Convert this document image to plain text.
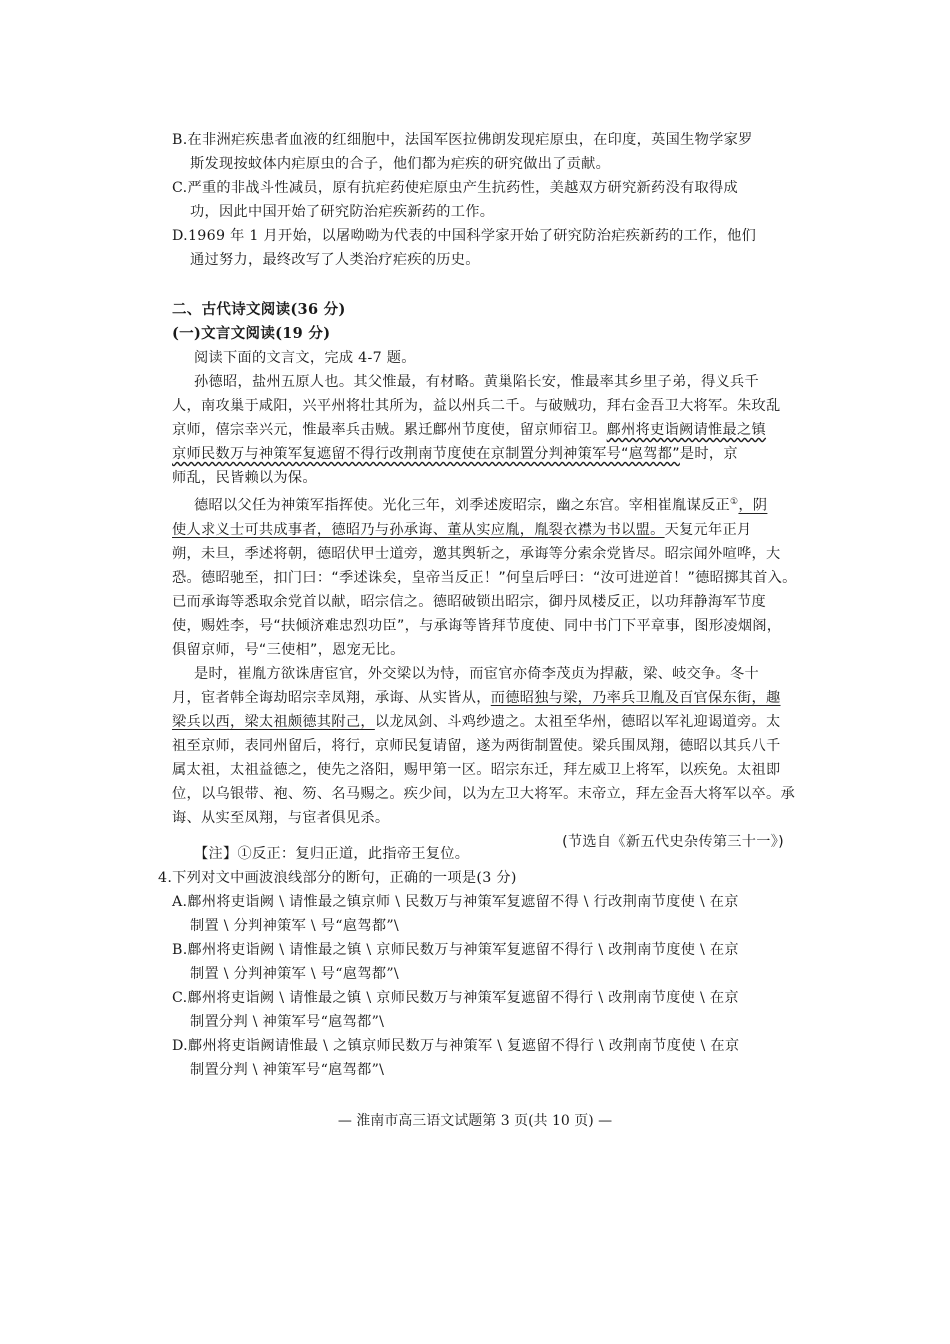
B.在非洲疟疾患者血液的红细胞中，法国军医拉佛朗发现疟原虫，在印度，英国生物学家罗
斯发现按蚊体内疟原虫的合子，他们都为疟疾的研究做出了贡献。
C.严重的非战斗性减员，原有抗疟药使疟原虫产生抗药性，美越双方研究新药没有取得成
功，因此中国开始了研究防治疟疾新药的工作。
D.1969 年 1 月开始，以屠呦呦为代表的中国科学家开始了研究防治疟疾新药的工作，他们
通过努力，最终改写了人类治疗疟疾的历史。
二、古代诗文阅读(36 分)
(一)文言文阅读(19 分)
阅读下面的文言文，完成 4-7 题。
孙德昭，盐州五原人也。其父惟最，有材略。黄巢陷长安，惟最率其乡里子弟，得义兵千
人，南攻巢于咸阳，兴平州将壮其所为，益以州兵二千。与破贼功，拜右金吾卫大将军。朱玫乱
京师，僖宗幸兴元，惟最率兵击贼。累迁鄜州节度使，留京师宿卫。鄜州将吏诣阙请惟最之镇
京师民数万与神策军复遮留不得行改荆南节度使在京制置分判神策军号“扈驾都”是时，京
师乱，民皆赖以为保。
德昭以父任为神策军指挥使。光化三年，刘季述废昭宗，幽之东宫。宰相崔胤谋反正①，阴
使人求义士可共成事者，德昭乃与孙承诲、董从实应胤，胤裂衣襟为书以盟。天复元年正月
朔，未旦，季述将朝，德昭伏甲士道旁，邀其舆斩之，承诲等分索余党皆尽。昭宗闻外喧哗，大
恐。德昭驰至，扣门曰：“季述诛矣，皇帝当反正！”何皇后呼曰：“汝可进逆首！”德昭掷其首入。
已而承诲等悉取余党首以献，昭宗信之。德昭破锁出昭宗，御丹凤楼反正，以功拜静海军节度
使，赐姓李，号“扶倾济难忠烈功臣”，与承诲等皆拜节度使、同中书门下平章事，图形凌烟阁，
俱留京师，号“三使相”，恩宠无比。
是时，崔胤方欲诛唐宦官，外交梁以为恃，而宦官亦倚李茂贞为捍蔽，梁、岐交争。冬十
月，宦者韩全诲劫昭宗幸凤翔，承诲、从实皆从，而德昭独与梁，乃率兵卫胤及百官保东街，趣
梁兵以西，梁太祖颇德其附己，以龙凤剑、斗鸡纱遗之。太祖至华州，德昭以军礼迎谒道旁。太
祖至京师，表同州留后，将行，京师民复请留，遂为两街制置使。梁兵围凤翔，德昭以其兵八千
属太祖，太祖益德之，使先之洛阳，赐甲第一区。昭宗东迁，拜左威卫上将军，以疾免。太祖即
位，以乌银带、袍、笏、名马赐之。疾少间，以为左卫大将军。末帝立，拜左金吾大将军以卒。承
诲、从实至凤翔，与宦者俱见杀。
(节选自《新五代史杂传第三十一》)
【注】①反正：复归正道，此指帝王复位。
4.下列对文中画波浪线部分的断句，正确的一项是(3 分)
A.鄜州将吏诣阙 \ 请惟最之镇京师 \ 民数万与神策军复遮留不得 \ 行改荆南节度使 \ 在京
制置 \ 分判神策军 \ 号“扈驾都”\
B.鄜州将吏诣阙 \ 请惟最之镇 \ 京师民数万与神策军复遮留不得行 \ 改荆南节度使 \ 在京
制置 \ 分判神策军 \ 号“扈驾都”\
C.鄜州将吏诣阙 \ 请惟最之镇 \ 京师民数万与神策军复遮留不得行 \ 改荆南节度使 \ 在京
制置分判 \ 神策军号“扈驾都”\
D.鄜州将吏诣阙请惟最 \ 之镇京师民数万与神策军 \ 复遮留不得行 \ 改荆南节度使 \ 在京
制置分判 \ 神策军号“扈驾都”\
— 淮南市高三语文试题第 3 页(共 10 页) —
